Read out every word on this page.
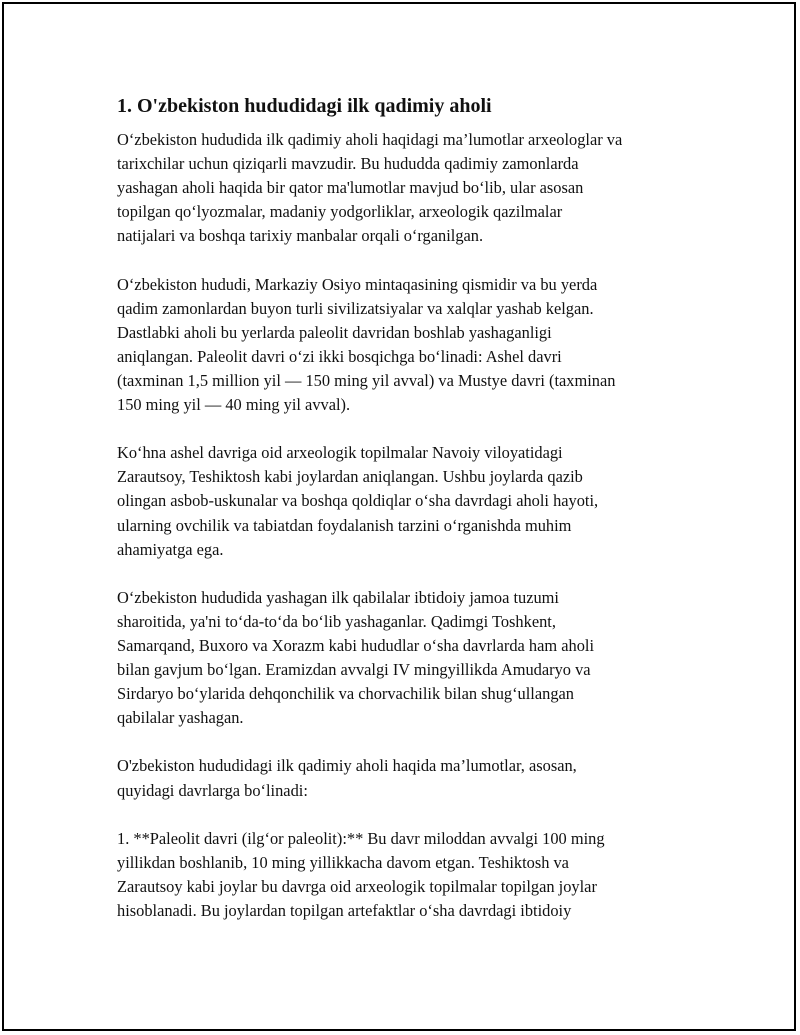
1. O'zbekiston hududidagi ilk qadimiy aholi

O‘zbekiston hududida ilk qadimiy aholi haqidagi ma’lumotlar arxeologlar va
tarixchilar uchun qiziqarli mavzudir. Bu hududda qadimiy zamonlarda
yashagan aholi haqida bir qator ma'lumotlar mavjud bo‘lib, ular asosan
topilgan qo‘lyozmalar, madaniy yodgorliklar, arxeologik qazilmalar
natijalari va boshqa tarixiy manbalar orqali o‘rganilgan.

O‘zbekiston hududi, Markaziy Osiyo mintaqasining qismidir va bu yerda
qadim zamonlardan buyon turli sivilizatsiyalar va xalqlar yashab kelgan.
Dastlabki aholi bu yerlarda paleolit davridan boshlab yashaganligi
aniqlangan. Paleolit davri o‘zi ikki bosqichga bo‘linadi: Ashel davri
(taxminan 1,5 million yil — 150 ming yil avval) va Mustye davri (taxminan
150 ming yil — 40 ming yil avval).

Ko‘hna ashel davriga oid arxeologik topilmalar Navoiy viloyatidagi
Zarautsoy, Teshiktosh kabi joylardan aniqlangan. Ushbu joylarda qazib
olingan asbob-uskunalar va boshqa qoldiqlar o‘sha davrdagi aholi hayoti,
ularning ovchilik va tabiatdan foydalanish tarzini o‘rganishda muhim
ahamiyatga ega.

O‘zbekiston hududida yashagan ilk qabilalar ibtidoiy jamoa tuzumi
sharoitida, ya'ni to‘da-to‘da bo‘lib yashaganlar. Qadimgi Toshkent,
Samarqand, Buxoro va Xorazm kabi hududlar o‘sha davrlarda ham aholi
bilan gavjum bo‘lgan. Eramizdan avvalgi IV mingyillikda Amudaryo va
Sirdaryo bo‘ylarida dehqonchilik va chorvachilik bilan shug‘ullangan
qabilalar yashagan.

O'zbekiston hududidagi ilk qadimiy aholi haqida ma’lumotlar, asosan,
quyidagi davrlarga bo‘linadi:

1. **Paleolit davri (ilg‘or paleolit):** Bu davr miloddan avvalgi 100 ming
yillikdan boshlanib, 10 ming yillikkacha davom etgan. Teshiktosh va
Zarautsoy kabi joylar bu davrga oid arxeologik topilmalar topilgan joylar
hisoblanadi. Bu joylardan topilgan artefaktlar o‘sha davrdagi ibtidoiy
